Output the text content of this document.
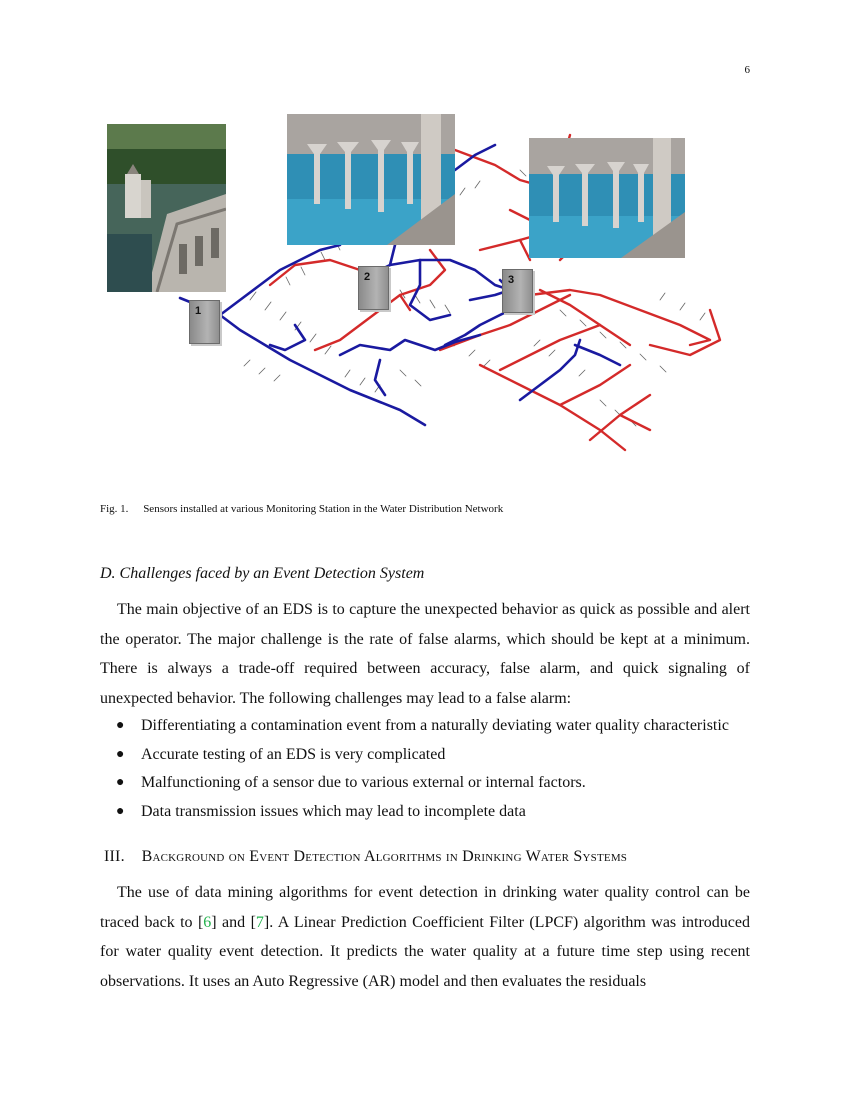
6
1
2	3
Fig. 1. Sensors installed at various Monitoring Station in the Water Distribution Network
D. Challenges faced by an Event Detection System

The main objective of an EDS is to capture the unexpected behavior as quick as possible and alert the operator. The major challenge is the rate of false alarms, which should be kept at a minimum. There is always a trade-off required between accuracy, false alarm, and quick signaling of unexpected behavior. The following challenges may lead to a false alarm:

● Differentiating a contamination event from a naturally deviating water quality characteristic
● Accurate testing of an EDS is very complicated
● Malfunctioning of a sensor due to various external or internal factors.
● Data transmission issues which may lead to incomplete data
III. Background on Event Detection Algorithms in Drinking Water Systems

The use of data mining algorithms for event detection in drinking water quality control can be traced back to [6] and [7]. A Linear Prediction Coefficient Filter (LPCF) algorithm was introduced for water quality event detection. It predicts the water quality at a future time step using recent observations. It uses an Auto Regressive (AR) model and then evaluates the residuals
